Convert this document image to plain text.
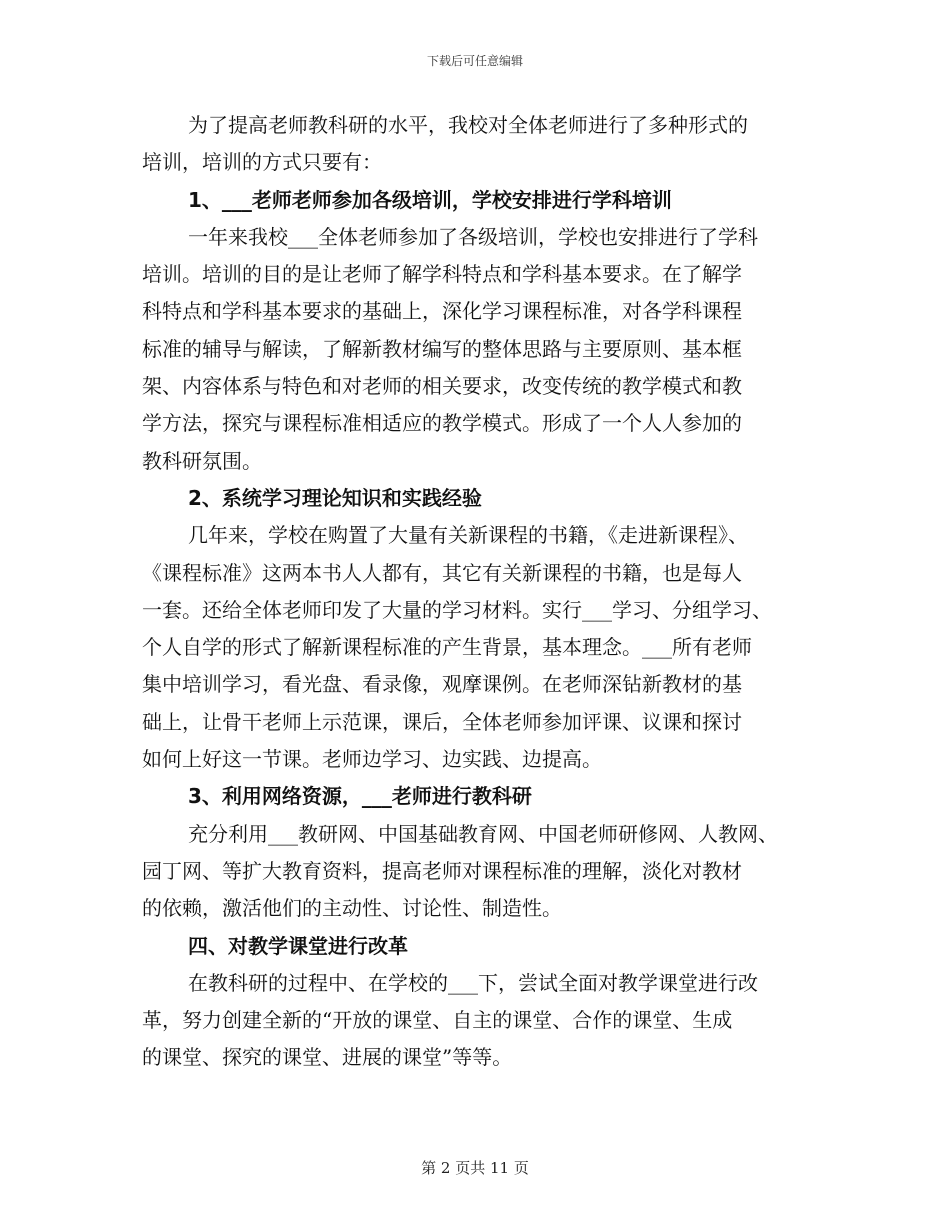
下载后可任意编辑
为了提高老师教科研的水平，我校对全体老师进行了多种形式的
培训，培训的方式只要有：
1、___老师老师参加各级培训，学校安排进行学科培训
一年来我校___全体老师参加了各级培训，学校也安排进行了学科
培训。培训的目的是让老师了解学科特点和学科基本要求。在了解学
科特点和学科基本要求的基础上，深化学习课程标准，对各学科课程
标准的辅导与解读，了解新教材编写的整体思路与主要原则、基本框
架、内容体系与特色和对老师的相关要求，改变传统的教学模式和教
学方法，探究与课程标准相适应的教学模式。形成了一个人人参加的
教科研氛围。
2、系统学习理论知识和实践经验
几年来，学校在购置了大量有关新课程的书籍，《走进新课程》、
《课程标准》这两本书人人都有，其它有关新课程的书籍，也是每人
一套。还给全体老师印发了大量的学习材料。实行___学习、分组学习、
个人自学的形式了解新课程标准的产生背景，基本理念。___所有老师
集中培训学习，看光盘、看录像，观摩课例。在老师深钻新教材的基
础上，让骨干老师上示范课，课后，全体老师参加评课、议课和探讨
如何上好这一节课。老师边学习、边实践、边提高。
3、利用网络资源，___老师进行教科研
充分利用___教研网、中国基础教育网、中国老师研修网、人教网、
园丁网、等扩大教育资料，提高老师对课程标准的理解，淡化对教材
的依赖，激活他们的主动性、讨论性、制造性。
四、对教学课堂进行改革
在教科研的过程中、在学校的___下，尝试全面对教学课堂进行改
革，努力创建全新的“开放的课堂、自主的课堂、合作的课堂、生成
的课堂、探究的课堂、进展的课堂”等等。
第 2 页共 11 页
